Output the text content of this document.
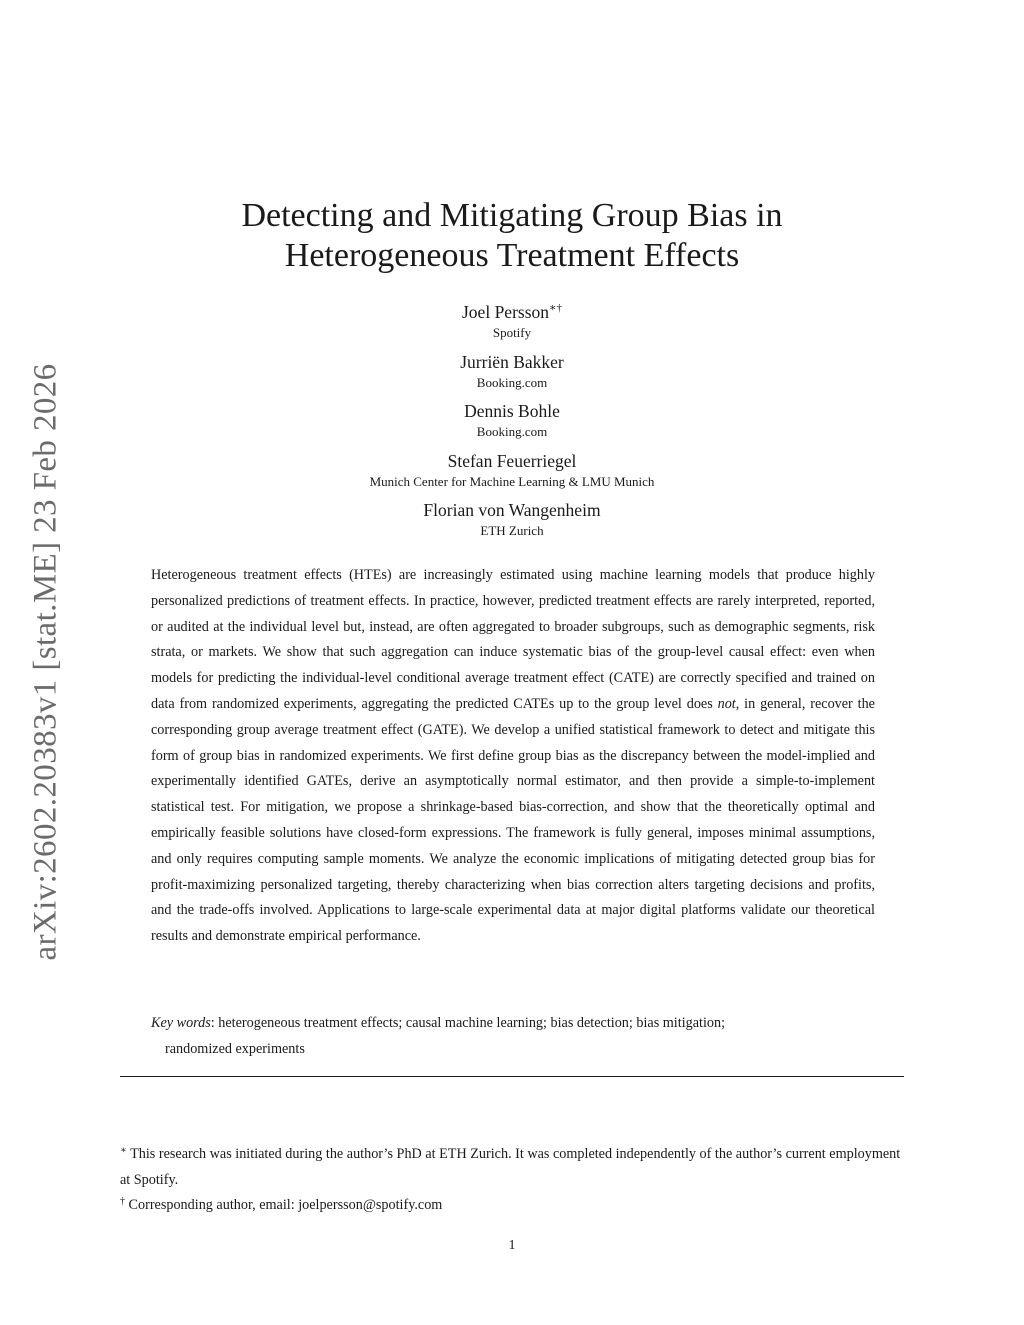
arXiv:2602.20383v1 [stat.ME] 23 Feb 2026
Detecting and Mitigating Group Bias in
Heterogeneous Treatment Effects
Joel Persson∗†
Spotify
Jurriën Bakker
Booking.com
Dennis Bohle
Booking.com
Stefan Feuerriegel
Munich Center for Machine Learning & LMU Munich
Florian von Wangenheim
ETH Zurich
Heterogeneous treatment effects (HTEs) are increasingly estimated using machine learning models that produce highly personalized predictions of treatment effects. In practice, however, predicted treatment effects are rarely interpreted, reported, or audited at the individual level but, instead, are often aggregated to broader subgroups, such as demographic segments, risk strata, or markets. We show that such aggregation can induce systematic bias of the group-level causal effect: even when models for predicting the individual-level conditional average treatment effect (CATE) are correctly specified and trained on data from randomized experiments, aggregating the predicted CATEs up to the group level does not, in general, recover the corresponding group average treatment effect (GATE). We develop a unified statistical framework to detect and mitigate this form of group bias in randomized experiments. We first define group bias as the discrepancy between the model-implied and experimentally identified GATEs, derive an asymptotically normal estimator, and then provide a simple-to-implement statistical test. For mitigation, we propose a shrinkage-based bias-correction, and show that the theoretically optimal and empirically feasible solutions have closed-form expressions. The framework is fully general, imposes minimal assumptions, and only requires computing sample moments. We analyze the economic implications of mitigating detected group bias for profit-maximizing personalized targeting, thereby characterizing when bias correction alters targeting decisions and profits, and the trade-offs involved. Applications to large-scale experimental data at major digital platforms validate our theoretical results and demonstrate empirical performance.
Key words: heterogeneous treatment effects; causal machine learning; bias detection; bias mitigation;
randomized experiments

∗ This research was initiated during the author’s PhD at ETH Zurich. It was completed independently of the author’s current employment at Spotify.

† Corresponding author, email: joelpersson@spotify.com

1
